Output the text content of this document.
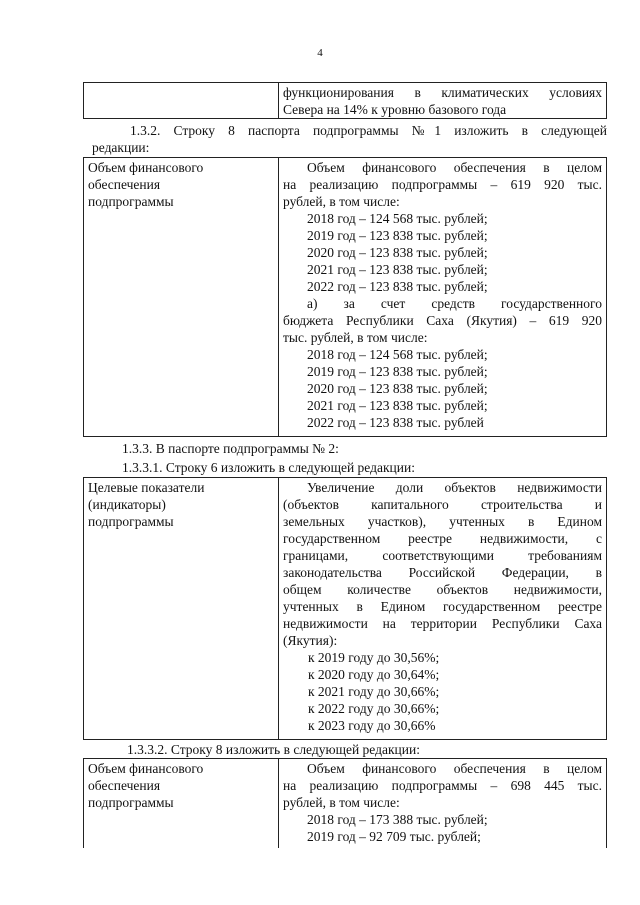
4
функционирования в климатических условиях
Севера на 14% к уровню базового года
1.3.2. Строку 8 паспорта подпрограммы №1 изложить в следующей
редакции:
Объем финансового
обеспечения
подпрограммы
Объем финансового обеспечения в целом
на реализацию подпрограммы – 619 920 тыс.
рублей, в том числе:
2018 год – 124 568 тыс. рублей;
2019 год – 123 838 тыс. рублей;
2020 год – 123 838 тыс. рублей;
2021 год – 123 838 тыс. рублей;
2022 год – 123 838 тыс. рублей;
а) за счет средств государственного
бюджета Республики Саха (Якутия) – 619 920
тыс. рублей, в том числе:
2018 год – 124 568 тыс. рублей;
2019 год – 123 838 тыс. рублей;
2020 год – 123 838 тыс. рублей;
2021 год – 123 838 тыс. рублей;
2022 год – 123 838 тыс. рублей
1.3.3. В паспорте подпрограммы № 2:
1.3.3.1. Строку 6 изложить в следующей редакции:
Целевые показатели
(индикаторы)
подпрограммы
Увеличение доли объектов недвижимости
(объектов капитального строительства и
земельных участков), учтенных в Едином
государственном реестре недвижимости, с
границами, соответствующими требованиям
законодательства Российской Федерации, в
общем количестве объектов недвижимости,
учтенных в Едином государственном реестре
недвижимости на территории Республики Саха
(Якутия):
к 2019 году до 30,56%;
к 2020 году до 30,64%;
к 2021 году до 30,66%;
к 2022 году до 30,66%;
к 2023 году до 30,66%
1.3.3.2. Строку 8 изложить в следующей редакции:
Объем финансового
обеспечения
подпрограммы
Объем финансового обеспечения в целом
на реализацию подпрограммы – 698 445 тыс.
рублей, в том числе:
2018 год – 173 388 тыс. рублей;
2019 год – 92 709 тыс. рублей;
